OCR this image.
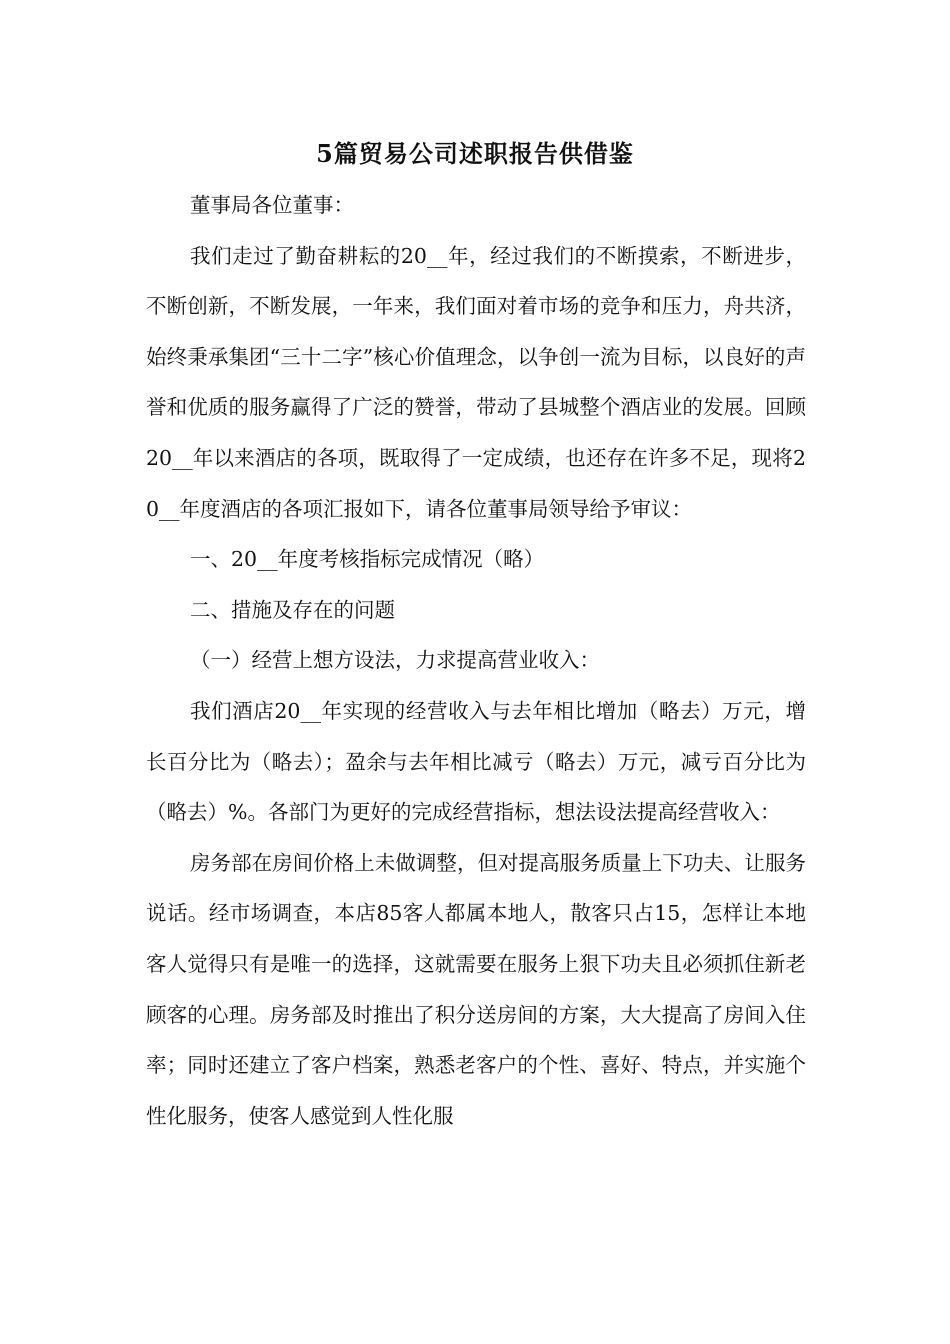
5篇贸易公司述职报告供借鉴

董事局各位董事：

我们走过了勤奋耕耘的20__年，经过我们的不断摸索，不断进步，不断创新，不断发展，一年来，我们面对着市场的竞争和压力，舟共济，始终秉承集团“三十二字”核心价值理念，以争创一流为目标，以良好的声誉和优质的服务赢得了广泛的赞誉，带动了县城整个酒店业的发展。回顾20__年以来酒店的各项，既取得了一定成绩，也还存在许多不足，现将20__年度酒店的各项汇报如下，请各位董事局领导给予审议：

一、20__年度考核指标完成情况（略）

二、措施及存在的问题

（一）经营上想方设法，力求提高营业收入：

我们酒店20__年实现的经营收入与去年相比增加（略去）万元，增长百分比为（略去）；盈余与去年相比减亏（略去）万元，减亏百分比为（略去）%。各部门为更好的完成经营指标，想法设法提高经营收入：

房务部在房间价格上未做调整，但对提高服务质量上下功夫、让服务说话。经市场调查，本店85客人都属本地人，散客只占15，怎样让本地客人觉得只有是唯一的选择，这就需要在服务上狠下功夫且必须抓住新老顾客的心理。房务部及时推出了积分送房间的方案，大大提高了房间入住率；同时还建立了客户档案，熟悉老客户的个性、喜好、特点，并实施个性化服务，使客人感觉到人性化服
